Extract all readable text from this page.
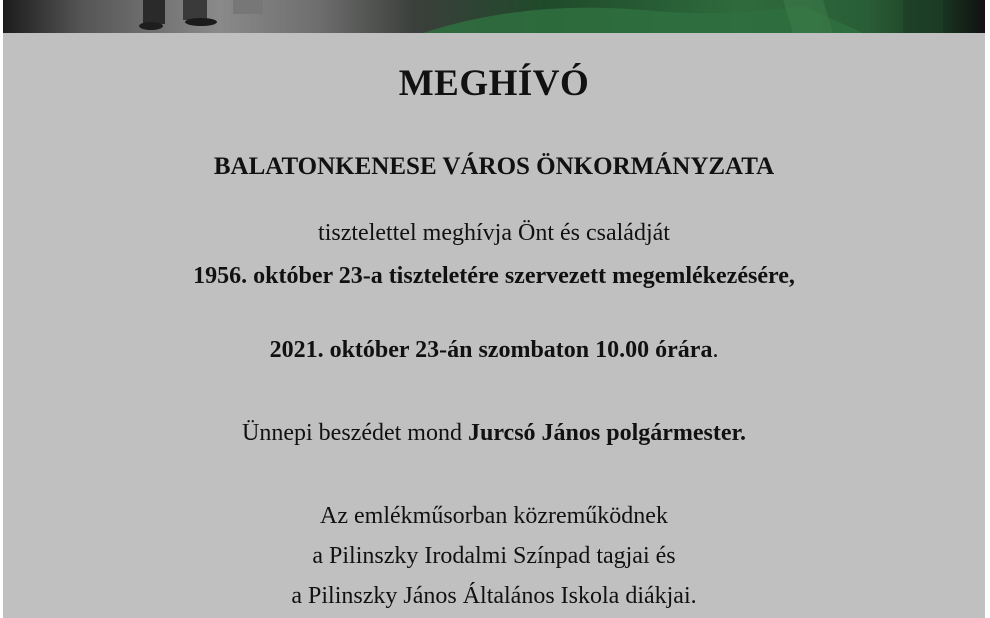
MEGHÍVÓ
BALATONKENESE VÁROS ÖNKORMÁNYZATA
tisztelettel meghívja Önt és családját
1956. október 23-a tiszteletére szervezett megemlékezésére,
2021. október 23-án szombaton 10.00 órára.
Ünnepi beszédet mond Jurcsó János polgármester.
Az emlékműsorban közreműködnek
a Pilinszky Irodalmi Színpad tagjai és
a Pilinszky János Általános Iskola diákjai.
